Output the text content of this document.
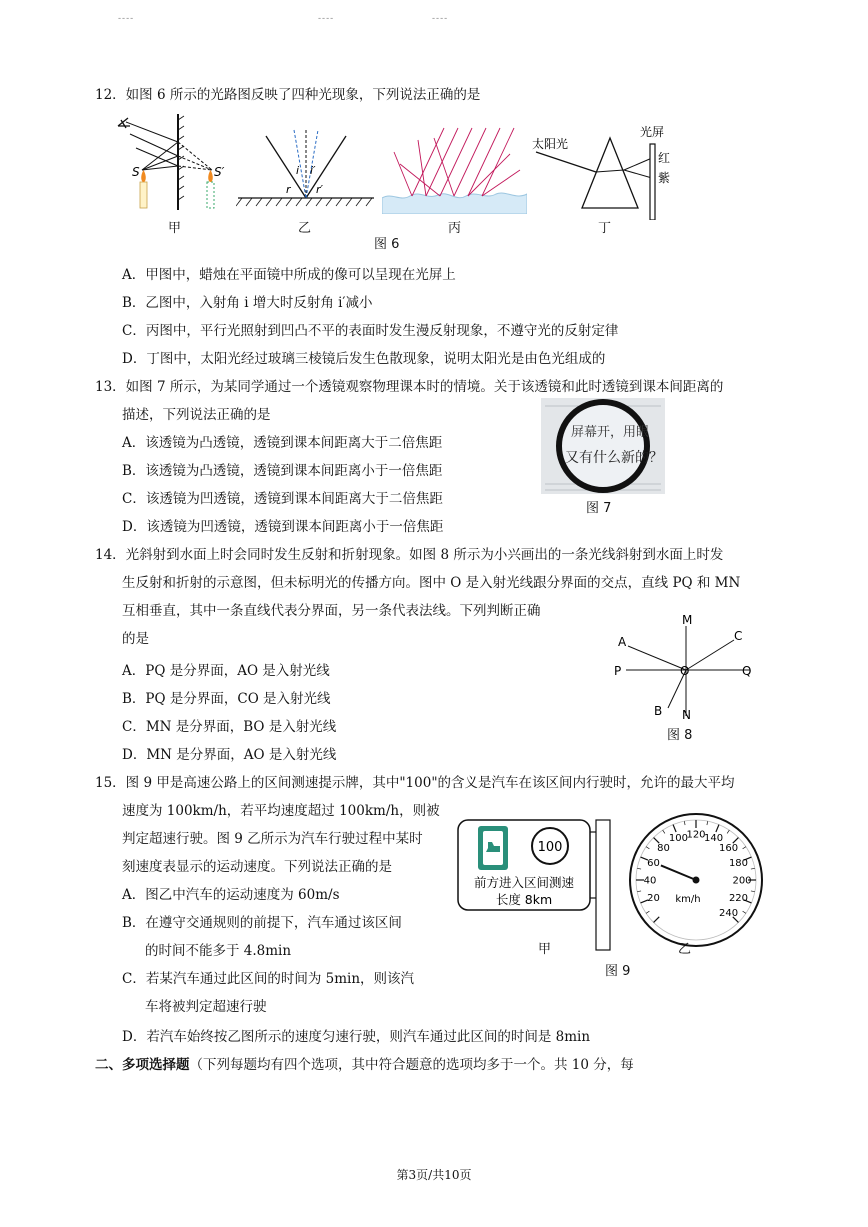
----	----	----
12．如图 6 所示的光路图反映了四种光现象，下列说法正确的是
S	S′
甲
i i′
r r′
乙	丙
太阳光
光屏
红
紫
丁
图 6
A．甲图中，蜡烛在平面镜中所成的像可以呈现在光屏上
B．乙图中，入射角 i 增大时反射角 i′减小
C．丙图中，平行光照射到凹凸不平的表面时发生漫反射现象，不遵守光的反射定律
D．丁图中，太阳光经过玻璃三棱镜后发生色散现象，说明太阳光是由色光组成的
13．如图 7 所示，为某同学通过一个透镜观察物理课本时的情境。关于该透镜和此时透镜到课本间距离的
描述，下列说法正确的是
屏幕开，用眼
又有什么新的？
图 7
A．该透镜为凸透镜，透镜到课本间距离大于二倍焦距
B．该透镜为凸透镜，透镜到课本间距离小于一倍焦距
C．该透镜为凹透镜，透镜到课本间距离大于二倍焦距
D．该透镜为凹透镜，透镜到课本间距离小于一倍焦距
14．光斜射到水面上时会同时发生反射和折射现象。如图 8 所示为小兴画出的一条光线斜射到水面上时发
生反射和折射的示意图，但未标明光的传播方向。图中 O 是入射光线跟分界面的交点，直线 PQ 和 MN
互相垂直，其中一条直线代表分界面，另一条代表法线。下列判断正确
的是
M
N
P	Q
O
A
B
C
图 8
A．PQ 是分界面，AO 是入射光线
B．PQ 是分界面，CO 是入射光线
C．MN 是分界面，BO 是入射光线
D．MN 是分界面，AO 是入射光线
15．图 9 甲是高速公路上的区间测速提示牌，其中"100"的含义是汽车在该区间内行驶时，允许的最大平均
速度为 100km/h，若平均速度超过 100km/h，则被
判定超速行驶。图 9 乙所示为汽车行驶过程中某时
刻速度表显示的运动速度。下列说法正确的是
100
前方进入区间测速
长度 8km
甲
20
40
60
80
100
120
140
160
180
200
220
240
km/h
乙
图 9
A．图乙中汽车的运动速度为 60m/s
B．在遵守交通规则的前提下，汽车通过该区间
的时间不能多于 4.8min
C．若某汽车通过此区间的时间为 5min，则该汽
车将被判定超速行驶
D．若汽车始终按乙图所示的速度匀速行驶，则汽车通过此区间的时间是 8min
二、多项选择题（下列每题均有四个选项，其中符合题意的选项均多于一个。共 10 分，每
第3页/共10页
